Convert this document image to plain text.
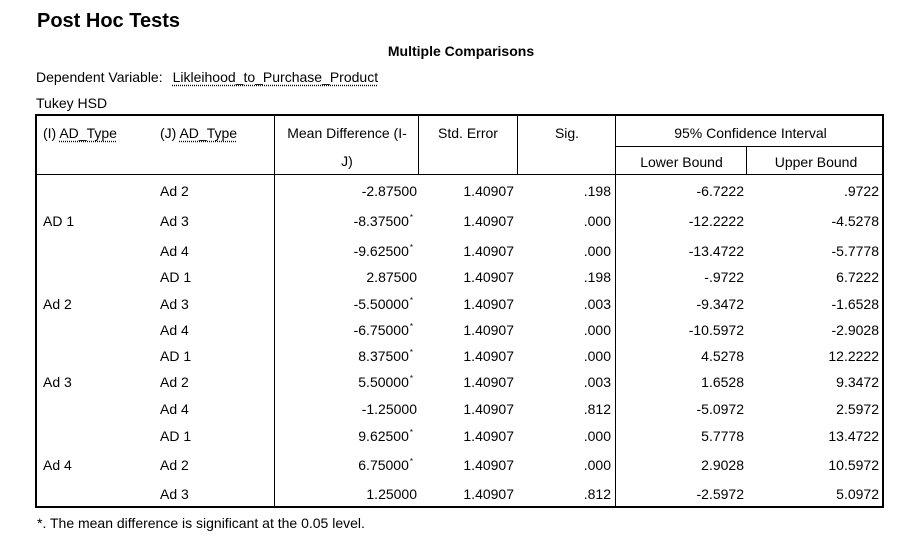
Post Hoc Tests
Multiple Comparisons
Dependent Variable: Likleihood_to_Purchase_Product
Tukey HSD
(I) AD_Type	(J) AD_Type	Mean Difference (I-
J)
Std. Error	Sig.	95% Confidence Interval
Lower Bound	Upper Bound
AD 1
Ad 2	-2.87500	1.40907	.198	-6.7222	.9722
Ad 3	-8.37500*	1.40907	.000	-12.2222	-4.5278
Ad 4	-9.62500*	1.40907	.000	-13.4722	-5.7778
Ad 2
AD 1	2.87500	1.40907	.198	-.9722	6.7222
Ad 3	-5.50000*	1.40907	.003	-9.3472	-1.6528
Ad 4	-6.75000*	1.40907	.000	-10.5972	-2.9028
Ad 3
AD 1	8.37500*	1.40907	.000	4.5278	12.2222
Ad 2	5.50000*	1.40907	.003	1.6528	9.3472
Ad 4	-1.25000	1.40907	.812	-5.0972	2.5972
Ad 4
AD 1	9.62500*	1.40907	.000	5.7778	13.4722
Ad 2	6.75000*	1.40907	.000	2.9028	10.5972
Ad 3	1.25000	1.40907	.812	-2.5972	5.0972
*. The mean difference is significant at the 0.05 level.
